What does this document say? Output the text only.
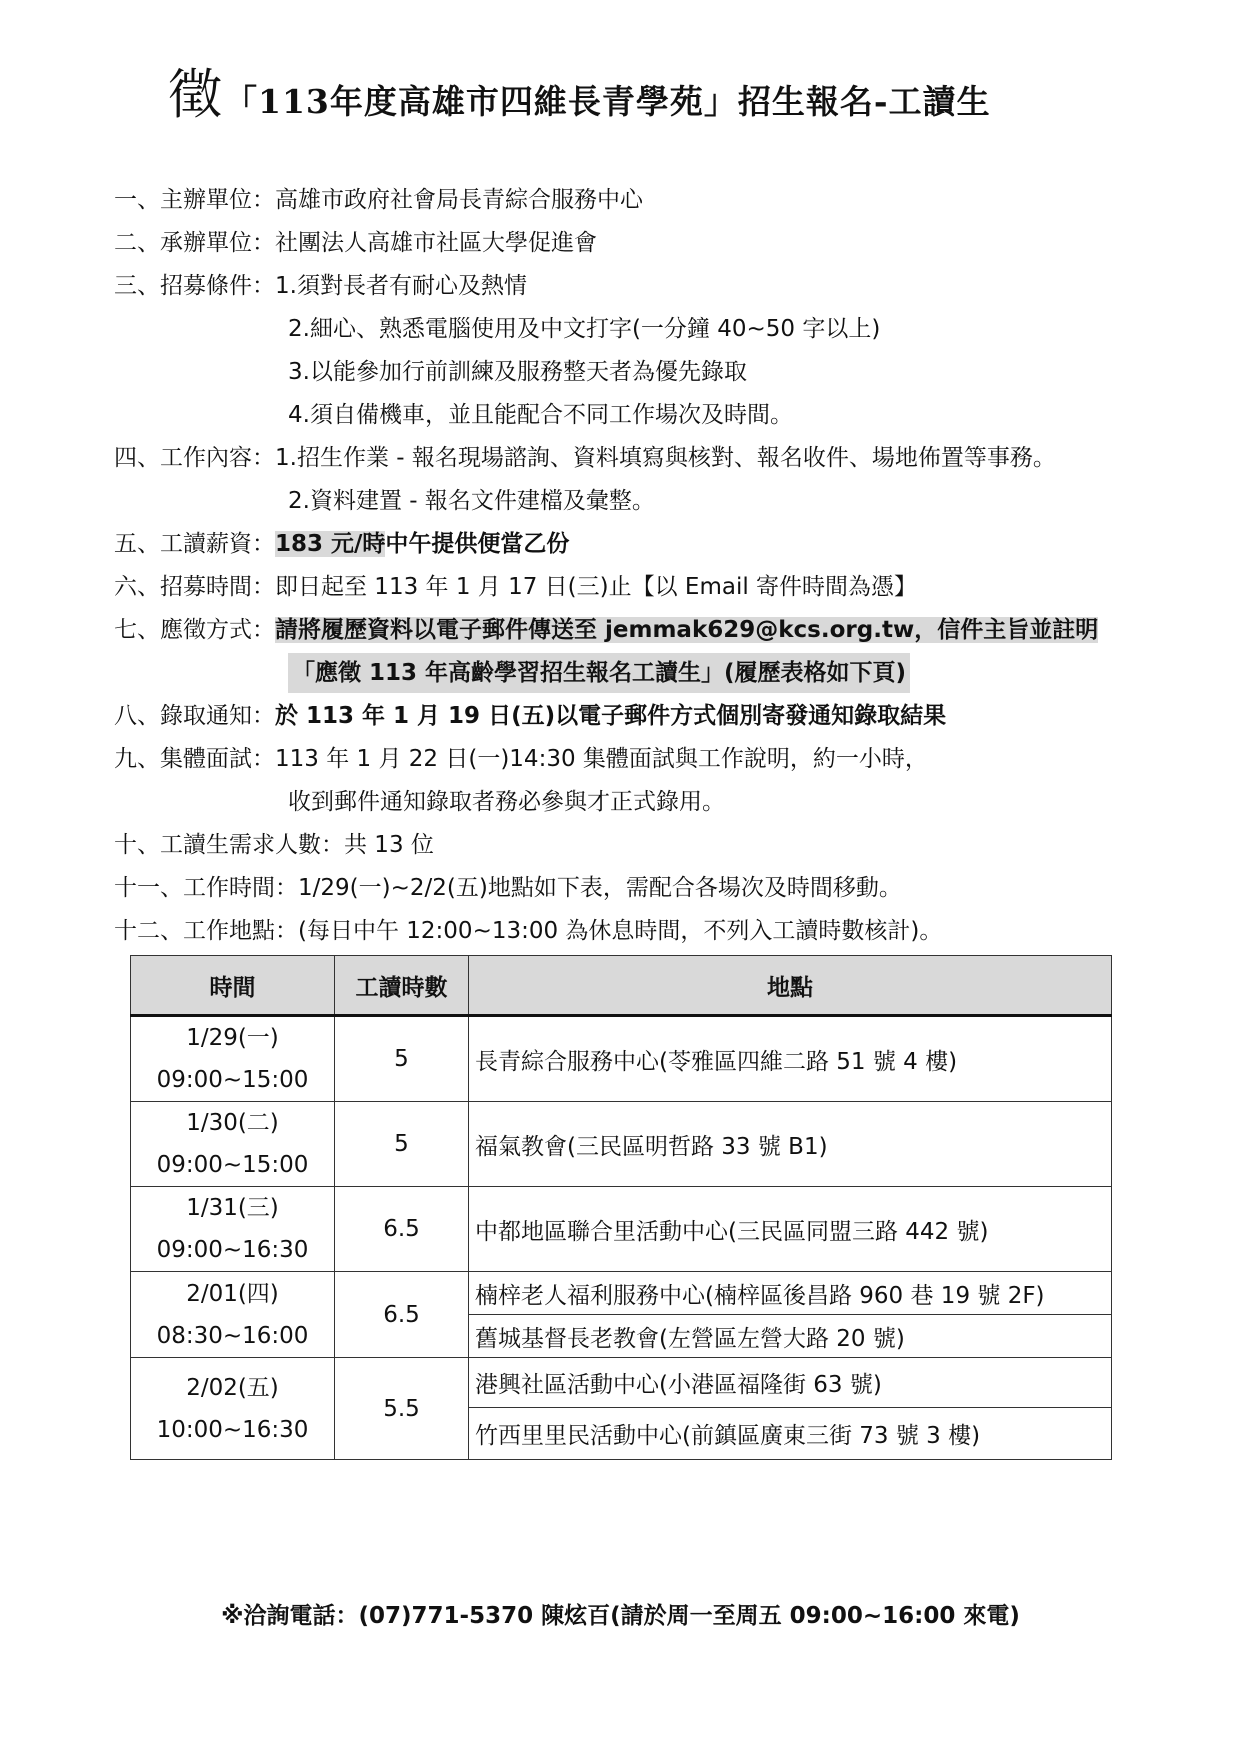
徵「113年度高雄市四維長青學苑」招生報名-工讀生
一、主辦單位：高雄市政府社會局長青綜合服務中心
二、承辦單位：社團法人高雄市社區大學促進會
三、招募條件：1.須對長者有耐心及熱情
2.細心、熟悉電腦使用及中文打字(一分鐘 40~50 字以上)
3.以能參加行前訓練及服務整天者為優先錄取
4.須自備機車，並且能配合不同工作場次及時間。
四、工作內容：1.招生作業 - 報名現場諮詢、資料填寫與核對、報名收件、場地佈置等事務。
2.資料建置 - 報名文件建檔及彙整。
五、工讀薪資：183 元/時中午提供便當乙份
六、招募時間：即日起至 113 年 1 月 17 日(三)止【以 Email 寄件時間為憑】
七、應徵方式：請將履歷資料以電子郵件傳送至 jemmak629@kcs.org.tw，信件主旨並註明
「應徵 113 年高齡學習招生報名工讀生」(履歷表格如下頁)
八、錄取通知：於 113 年 1 月 19 日(五)以電子郵件方式個別寄發通知錄取結果
九、集體面試：113 年 1 月 22 日(一)14:30 集體面試與工作說明，約一小時，
收到郵件通知錄取者務必參與才正式錄用。
十、工讀生需求人數：共 13 位
十一、工作時間：1/29(一)~2/2(五)地點如下表，需配合各場次及時間移動。
十二、工作地點：(每日中午 12:00~13:00 為休息時間，不列入工讀時數核計)。
時間	工讀時數	地點

1/29(一)
09:00~15:00	5	長青綜合服務中心(苓雅區四維二路 51 號 4 樓)

1/30(二)
09:00~15:00	5	福氣教會(三民區明哲路 33 號 B1)

1/31(三)
09:00~16:30	6.5	中都地區聯合里活動中心(三民區同盟三路 442 號)

2/01(四)
08:30~16:00	6.5	楠梓老人福利服務中心(楠梓區後昌路 960 巷 19 號 2F)
		舊城基督長老教會(左營區左營大路 20 號)

2/02(五)
10:00~16:30	5.5	港興社區活動中心(小港區福隆街 63 號)
		竹西里里民活動中心(前鎮區廣東三街 73 號 3 樓)
※洽詢電話：(07)771-5370 陳炫百(請於周一至周五 09:00~16:00 來電)
